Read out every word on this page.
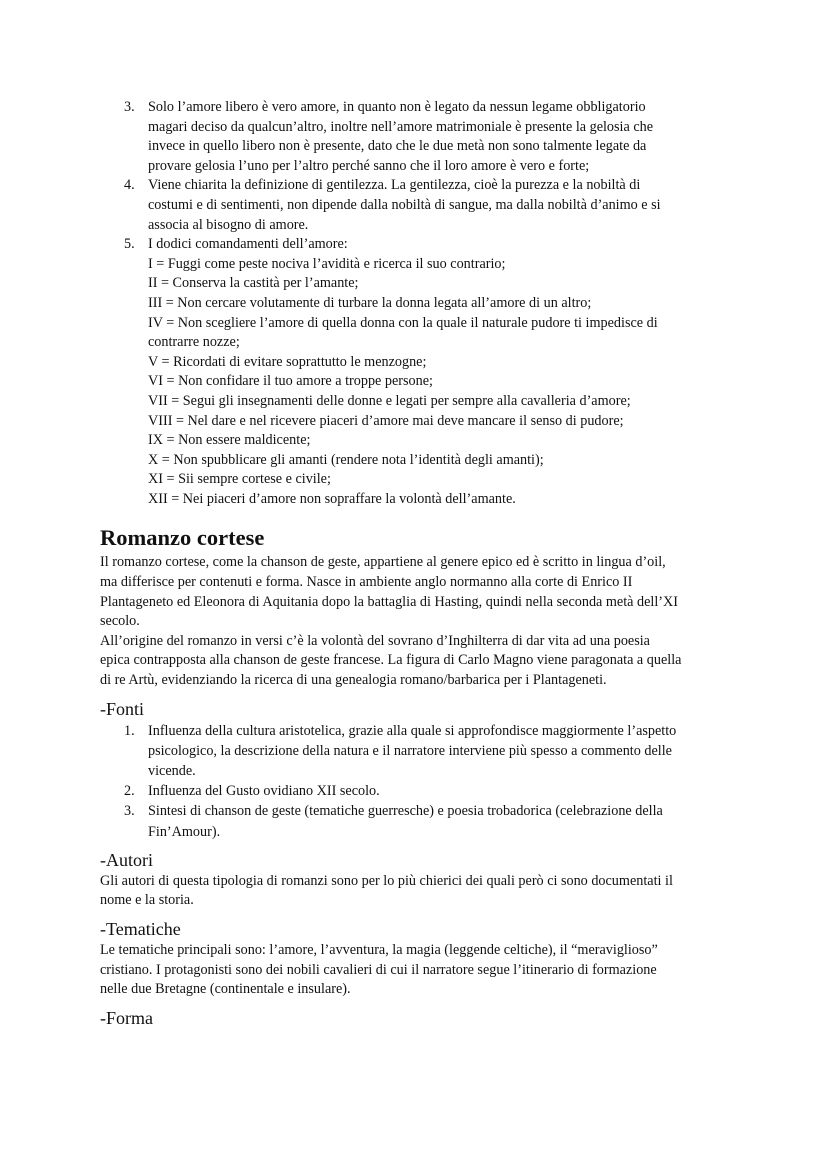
3. Solo l’amore libero è vero amore, in quanto non è legato da nessun legame obbligatorio
magari deciso da qualcun’altro, inoltre nell’amore matrimoniale è presente la gelosia che
invece in quello libero non è presente, dato che le due metà non sono talmente legate da
provare gelosia l’uno per l’altro perché sanno che il loro amore è vero e forte;
4. Viene chiarita la definizione di gentilezza. La gentilezza, cioè la purezza e la nobiltà di
costumi e di sentimenti, non dipende dalla nobiltà di sangue, ma dalla nobiltà d’animo e si
associa al bisogno di amore.
5. I dodici comandamenti dell’amore:
I = Fuggi come peste nociva l’avidità e ricerca il suo contrario;
II = Conserva la castità per l’amante;
III = Non cercare volutamente di turbare la donna legata all’amore di un altro;
IV = Non scegliere l’amore di quella donna con la quale il naturale pudore ti impedisce di
contrarre nozze;
V = Ricordati di evitare soprattutto le menzogne;
VI = Non confidare il tuo amore a troppe persone;
VII = Segui gli insegnamenti delle donne e legati per sempre alla cavalleria d’amore;
VIII = Nel dare e nel ricevere piaceri d’amore mai deve mancare il senso di pudore;
IX = Non essere maldicente;
X = Non spubblicare gli amanti (rendere nota l’identità degli amanti);
XI = Sii sempre cortese e civile;
XII = Nei piaceri d’amore non sopraffare la volontà dell’amante.
Romanzo cortese
Il romanzo cortese, come la chanson de geste, appartiene al genere epico ed è scritto in lingua d’oil,
ma differisce per contenuti e forma. Nasce in ambiente anglo normanno alla corte di Enrico II
Plantageneto ed Eleonora di Aquitania dopo la battaglia di Hasting, quindi nella seconda metà dell’XI
secolo.
All’origine del romanzo in versi c’è la volontà del sovrano d’Inghilterra di dar vita ad una poesia
epica contrapposta alla chanson de geste francese. La figura di Carlo Magno viene paragonata a quella
di re Artù, evidenziando la ricerca di una genealogia romano/barbarica per i Plantageneti.
-Fonti
1. Influenza della cultura aristotelica, grazie alla quale si approfondisce maggiormente l’aspetto
psicologico, la descrizione della natura e il narratore interviene più spesso a commento delle
vicende.
2. Influenza del Gusto ovidiano XII secolo.
3. Sintesi di chanson de geste (tematiche guerresche) e poesia trobadorica (celebrazione della
Fin’Amour).
-Autori
Gli autori di questa tipologia di romanzi sono per lo più chierici dei quali però ci sono documentati il
nome e la storia.
-Tematiche
Le tematiche principali sono: l’amore, l’avventura, la magia (leggende celtiche), il “meraviglioso”
cristiano. I protagonisti sono dei nobili cavalieri di cui il narratore segue l’itinerario di formazione
nelle due Bretagne (continentale e insulare).
-Forma
